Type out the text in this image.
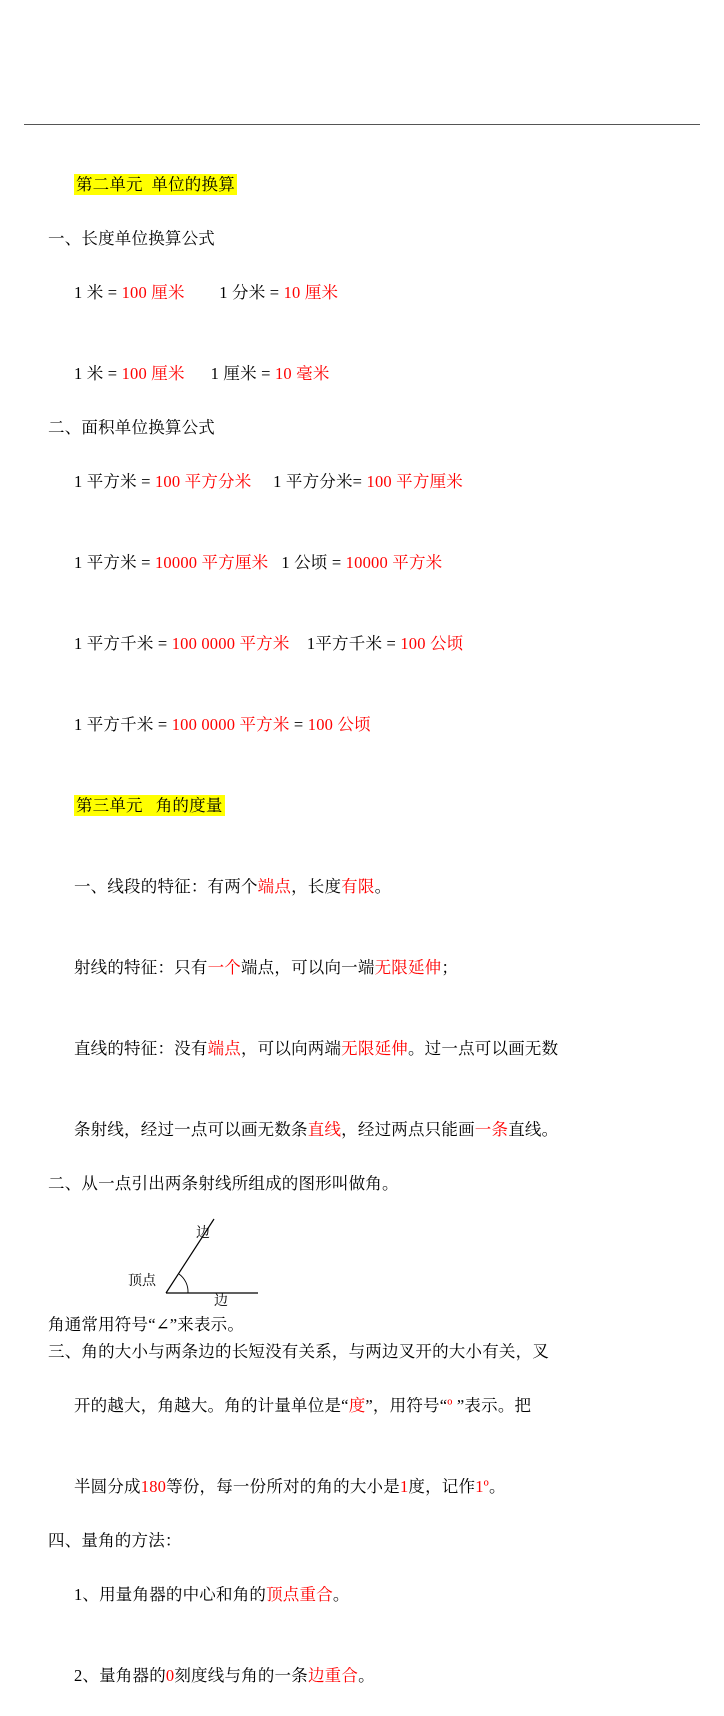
第二单元  单位的换算

一、长度单位换算公式

1 米 = 100 厘米        1 分米 = 10 厘米

1 米 = 100 厘米      1 厘米 = 10 毫米

二、面积单位换算公式

1 平方米 = 100 平方分米     1 平方分米= 100 平方厘米

1 平方米 = 10000 平方厘米   1 公顷 = 10000 平方米

1 平方千米 = 100 0000 平方米    1平方千米 = 100 公顷

1 平方千米 = 100 0000 平方米 = 100 公顷

第三单元   角的度量

一、线段的特征：有两个端点，长度有限。

射线的特征：只有一个端点，可以向一端无限延伸；

直线的特征：没有端点，可以向两端无限延伸。过一点可以画无数

条射线，经过一点可以画无数条直线，经过两点只能画一条直线。

二、从一点引出两条射线所组成的图形叫做角。
边
顶点
边
角通常用符号“∠”来表示。
三、角的大小与两条边的长短没有关系，与两边叉开的大小有关，叉

开的越大，角越大。角的计量单位是“度”，用符号“º ”表示。把

半圆分成180等份，每一份所对的角的大小是1度，记作1º。

四、量角的方法：

1、用量角器的中心和角的顶点重合。

2、量角器的0刻度线与角的一条边重合。
